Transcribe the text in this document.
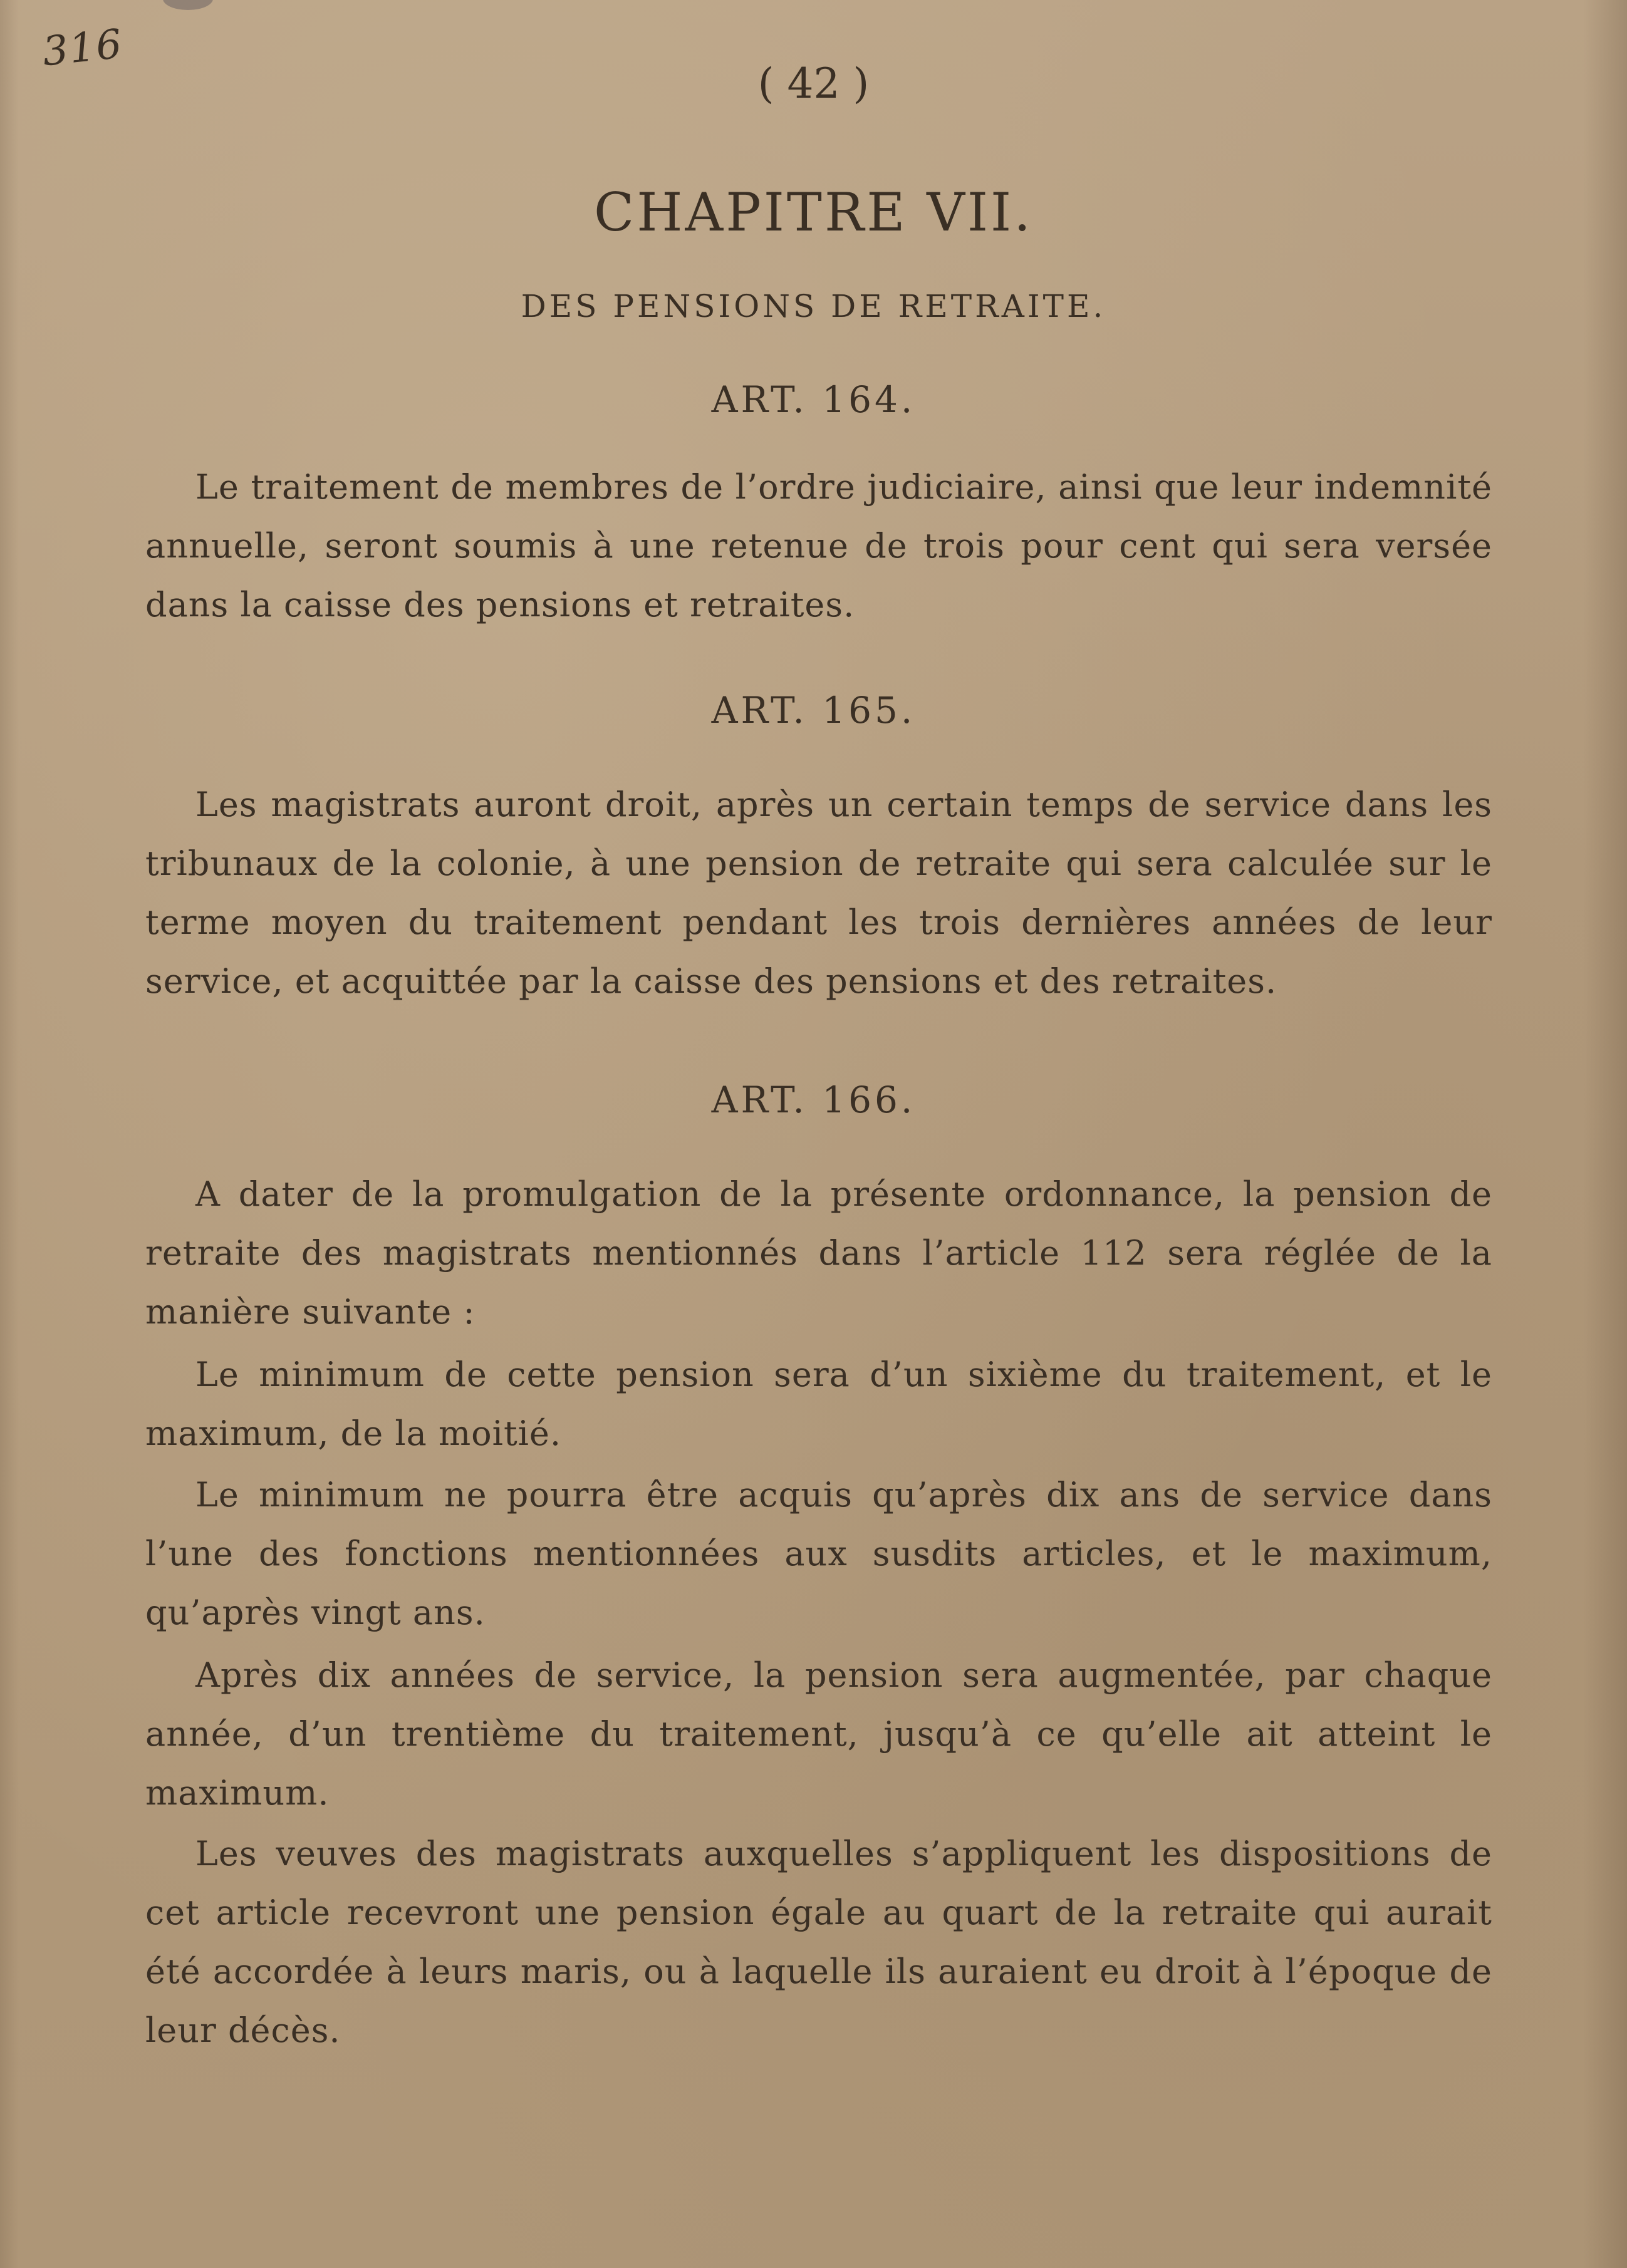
316
( 42 )
CHAPITRE VII.
DES PENSIONS DE RETRAITE.
ART. 164.

Le traitement de membres de l’ordre judiciaire, ainsi que leur indemnité annuelle, seront soumis à une retenue de trois pour cent qui sera versée dans la caisse des pensions et retraites.

ART. 165.

Les magistrats auront droit, après un certain temps de service dans les tribunaux de la colonie, à une pension de retraite qui sera calculée sur le terme moyen du traitement pendant les trois dernières années de leur service, et acquittée par la caisse des pensions et des retraites.

ART. 166.

A dater de la promulgation de la présente ordonnance, la pension de retraite des magistrats mentionnés dans l’article 112 sera réglée de la manière suivante :

Le minimum de cette pension sera d’un sixième du traitement, et le maximum, de la moitié.

Le minimum ne pourra être acquis qu’après dix ans de service dans l’une des fonctions mentionnées aux susdits articles, et le maximum, qu’après vingt ans.

Après dix années de service, la pension sera augmentée, par chaque année, d’un trentième du traitement, jusqu’à ce qu’elle ait atteint le maximum.

Les veuves des magistrats auxquelles s’appliquent les dispositions de cet article recevront une pension égale au quart de la retraite qui aurait été accordée à leurs maris, ou à laquelle ils auraient eu droit à l’époque de leur décès.
